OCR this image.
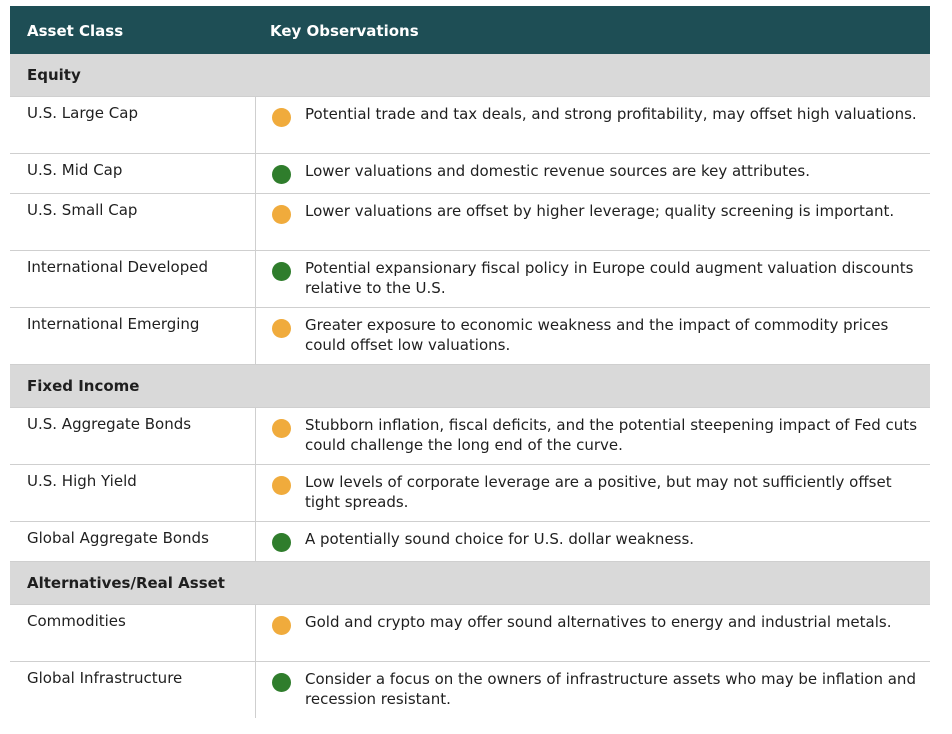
Asset Class	Key Observations
Equity
U.S. Large Cap	Potential trade and tax deals, and strong profitability, may offset high valuations.
U.S. Mid Cap	Lower valuations and domestic revenue sources are key attributes.
U.S. Small Cap	Lower valuations are offset by higher leverage; quality screening is important.
International Developed	Potential expansionary fiscal policy in Europe could augment valuation discounts relative to the U.S.
International Emerging	Greater exposure to economic weakness and the impact of commodity prices could offset low valuations.
Fixed Income
U.S. Aggregate Bonds	Stubborn inflation, fiscal deficits, and the potential steepening impact of Fed cuts could challenge the long end of the curve.
U.S. High Yield	Low levels of corporate leverage are a positive, but may not sufficiently offset tight spreads.
Global Aggregate Bonds	A potentially sound choice for U.S. dollar weakness.
Alternatives/Real Asset
Commodities	Gold and crypto may offer sound alternatives to energy and industrial metals.
Global Infrastructure	Consider a focus on the owners of infrastructure assets who may be inflation and recession resistant.
